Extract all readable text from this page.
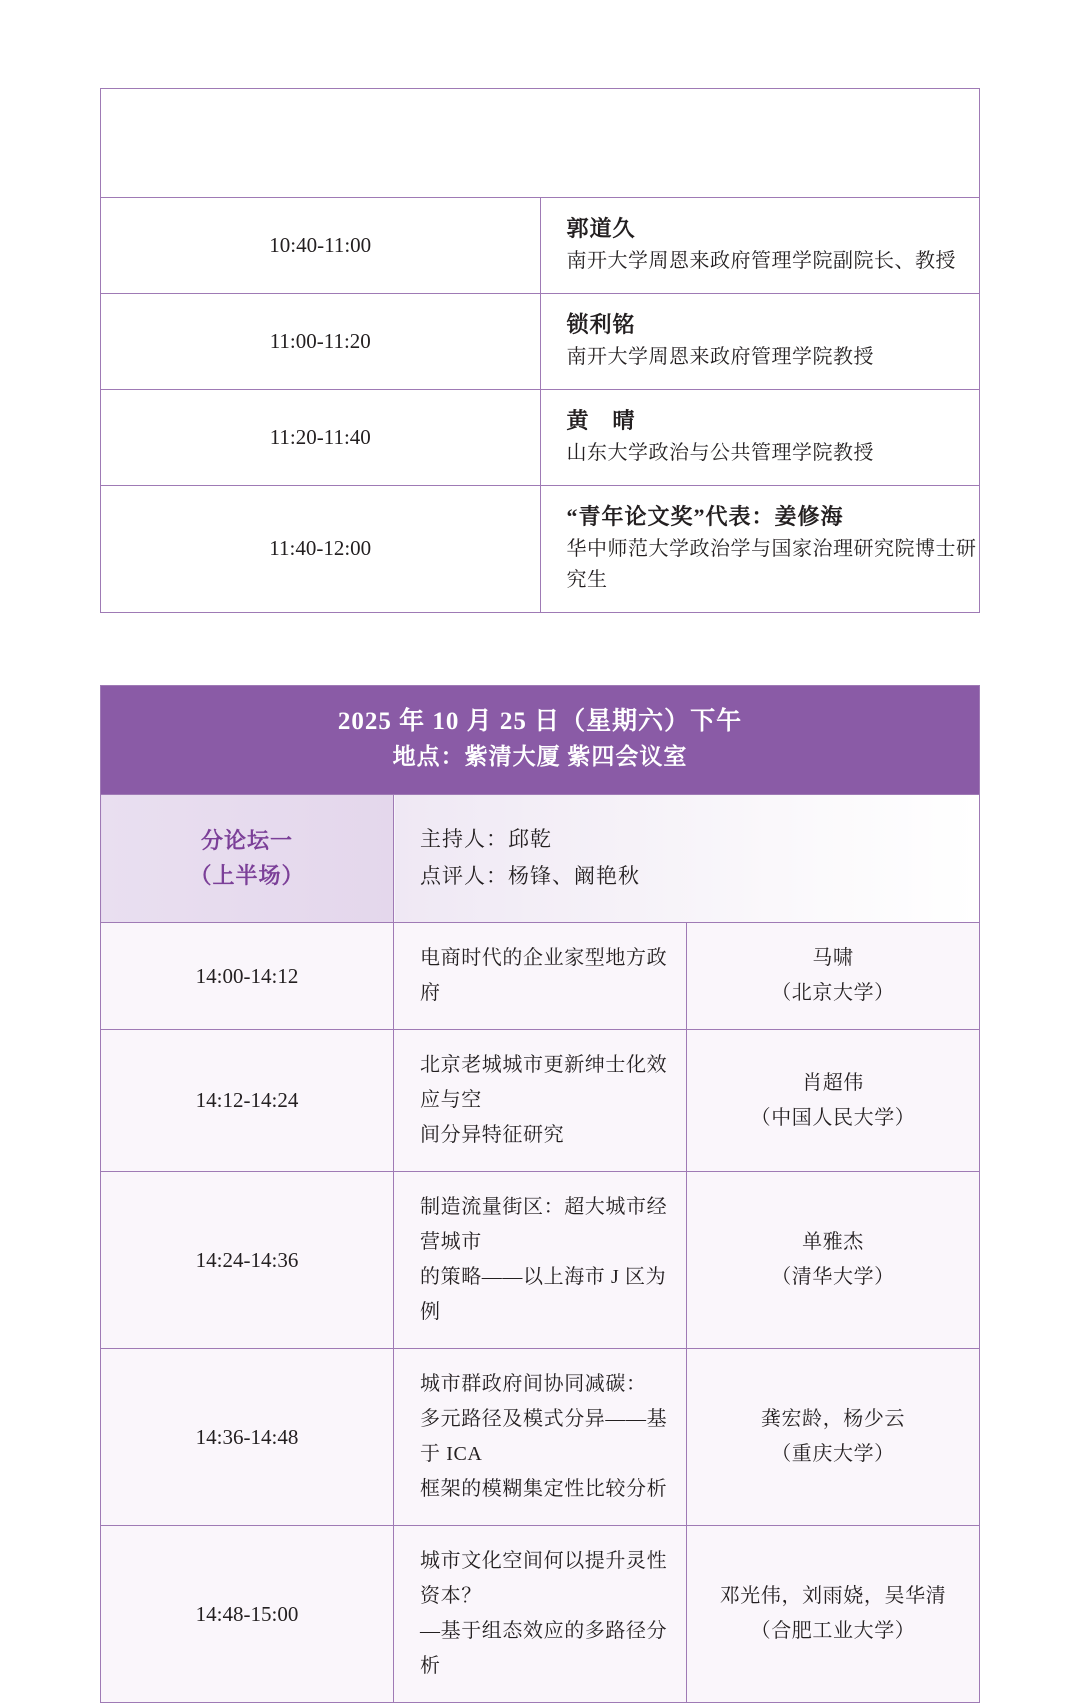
2025 年 10 月 25 日（星期六）上午
地点：紫清大厦 紫一会议室	

10:40-11:00	郭道久
南开大学周恩来政府管理学院副院长、教授

11:00-11:20	锁利铭
南开大学周恩来政府管理学院教授

11:20-11:40	黄　晴
山东大学政治与公共管理学院教授

11:40-12:00	“青年论文奖”代表：姜修海
华中师范大学政治学与国家治理研究院博士研究生
2025 年 10 月 25 日（星期六）下午
地点：紫清大厦 紫四会议室		

分论坛一
（上半场）

主持人：邱乾
点评人：杨锋、阚艳秋

14:00-14:12	电商时代的企业家型地方政府	马啸
（北京大学）

14:12-14:24	北京老城城市更新绅士化效应与空
间分异特征研究	肖超伟
（中国人民大学）

14:24-14:36	制造流量街区：超大城市经营城市
的策略——以上海市 J 区为例	单雅杰
（清华大学）

14:36-14:48	城市群政府间协同减碳：
多元路径及模式分异——基于 ICA
框架的模糊集定性比较分析	龚宏龄，杨少云
（重庆大学）

14:48-15:00	城市文化空间何以提升灵性资本？
—基于组态效应的多路径分析	邓光伟，刘雨娆，吴华清
（合肥工业大学）
